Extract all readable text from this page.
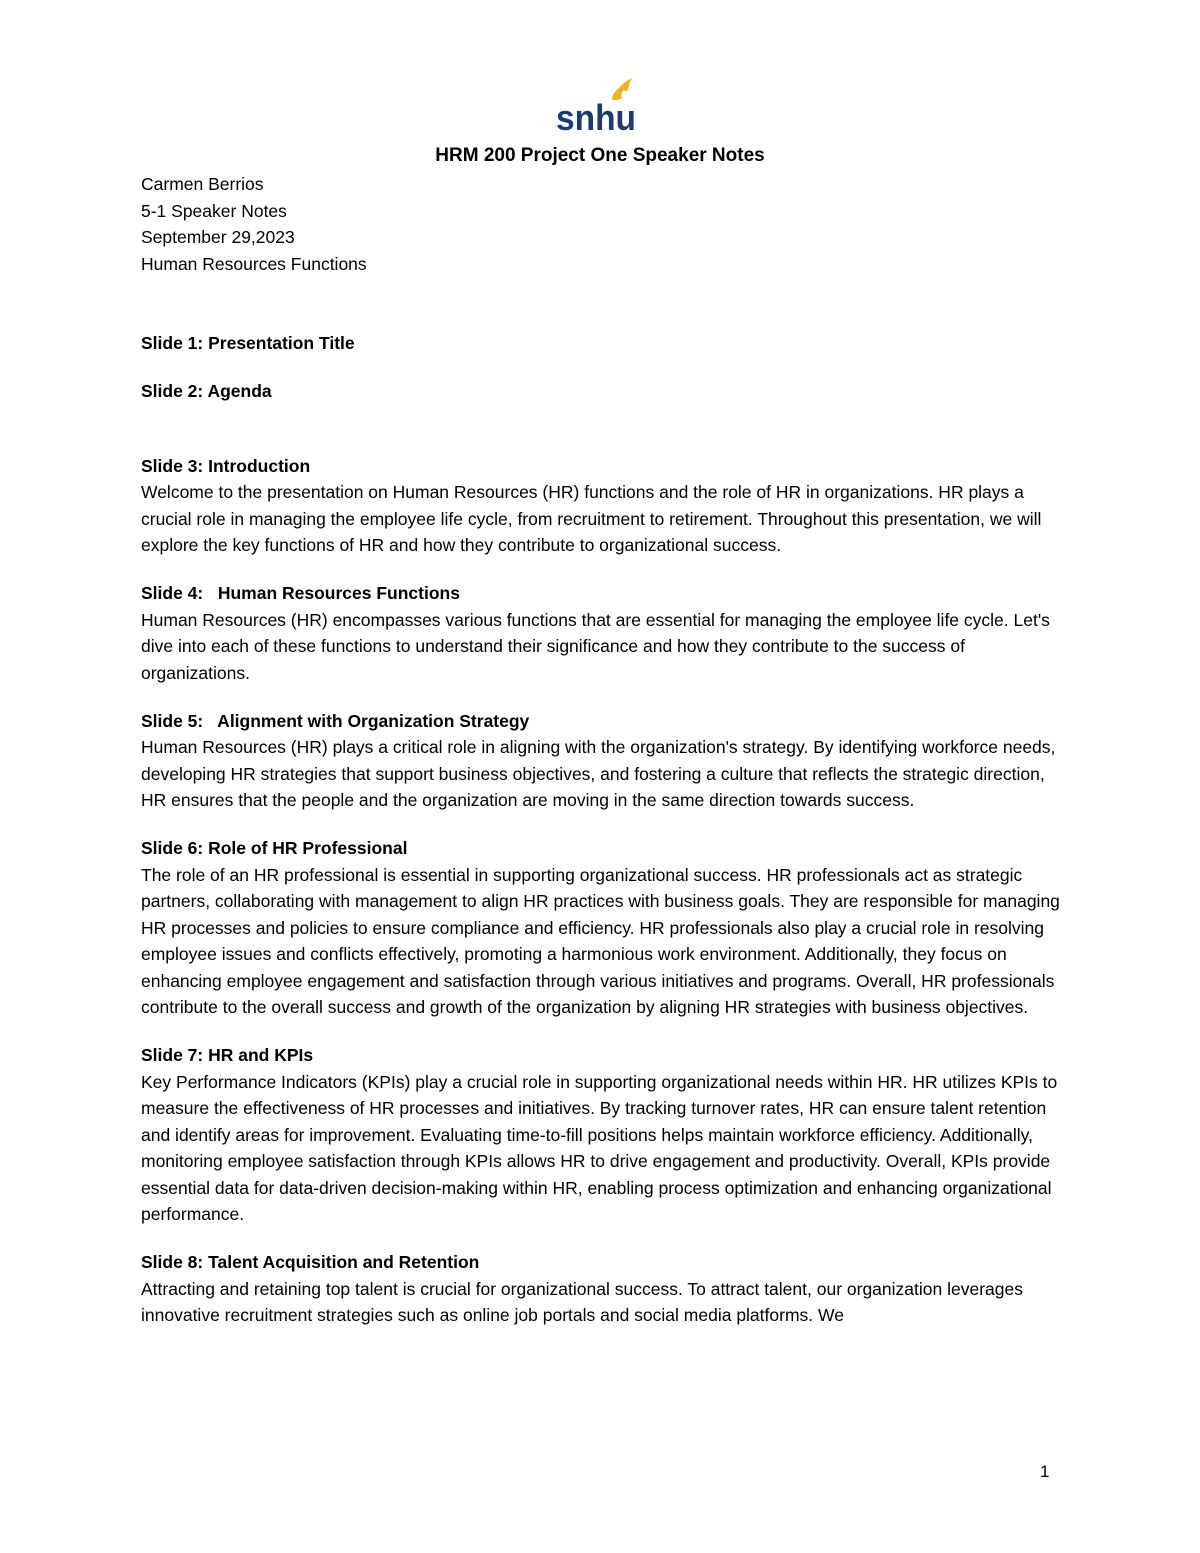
snhu
HRM 200 Project One Speaker Notes
Carmen Berrios
5-1 Speaker Notes
September 29,2023
Human Resources Functions
Slide 1: Presentation Title
Slide 2: Agenda
Slide 3: Introduction

Welcome to the presentation on Human Resources (HR) functions and the role of HR in organizations. HR plays a crucial role in managing the employee life cycle, from recruitment to retirement. Throughout this presentation, we will explore the key functions of HR and how they contribute to organizational success.

Slide 4:   Human Resources Functions

Human Resources (HR) encompasses various functions that are essential for managing the employee life cycle. Let's dive into each of these functions to understand their significance and how they contribute to the success of organizations.

Slide 5:   Alignment with Organization Strategy

Human Resources (HR) plays a critical role in aligning with the organization's strategy. By identifying workforce needs, developing HR strategies that support business objectives, and fostering a culture that reflects the strategic direction, HR ensures that the people and the organization are moving in the same direction towards success.

Slide 6: Role of HR Professional

The role of an HR professional is essential in supporting organizational success. HR professionals act as strategic partners, collaborating with management to align HR practices with business goals. They are responsible for managing HR processes and policies to ensure compliance and efficiency. HR professionals also play a crucial role in resolving employee issues and conflicts effectively, promoting a harmonious work environment. Additionally, they focus on enhancing employee engagement and satisfaction through various initiatives and programs. Overall, HR professionals contribute to the overall success and growth of the organization by aligning HR strategies with business objectives.

Slide 7: HR and KPIs

Key Performance Indicators (KPIs) play a crucial role in supporting organizational needs within HR. HR utilizes KPIs to measure the effectiveness of HR processes and initiatives. By tracking turnover rates, HR can ensure talent retention and identify areas for improvement. Evaluating time-to-fill positions helps maintain workforce efficiency. Additionally, monitoring employee satisfaction through KPIs allows HR to drive engagement and productivity. Overall, KPIs provide essential data for data-driven decision-making within HR, enabling process optimization and enhancing organizational performance.

Slide 8: Talent Acquisition and Retention

Attracting and retaining top talent is crucial for organizational success. To attract talent, our organization leverages innovative recruitment strategies such as online job portals and social media platforms. We

1
